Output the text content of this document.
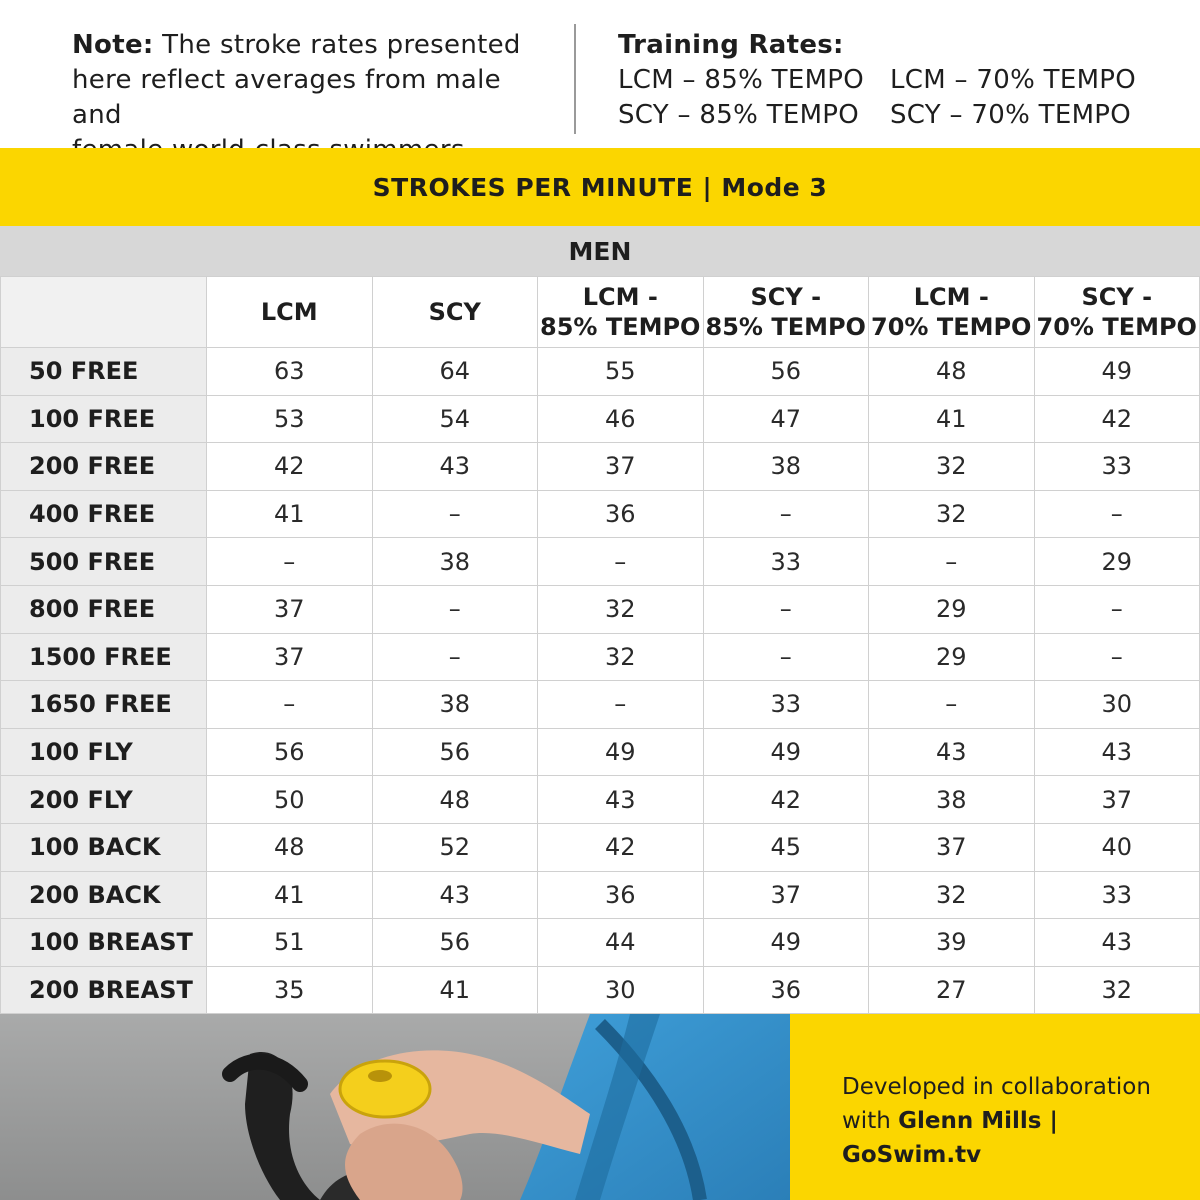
Note: The stroke rates presented
here reflect averages from male and

Training Rates:
LCM – 85% TEMPO LCM – 70% TEMPO
SCY – 85% TEMPO	SCY – 70% TEMPO
STROKES PER MINUTE | Mode 3
MEN
	LCM	SCY	LCM -
85% TEMPO	SCY -
85% TEMPO	LCM -
70% TEMPO	SCY -
70% TEMPO
50 FREE	63	64	55	56	48	49
100 FREE	53	54	46	47	41	42
200 FREE	42	43	37	38	32	33
400 FREE	41	–	36	–	32	–
500 FREE	–	38	–	33	–	29
800 FREE	37	–	32	–	29	–
1500 FREE	37	–	32	–	29	–
1650 FREE	–	38	–	33	–	30
100 FLY	56	56	49	49	43	43
200 FLY	50	48	43	42	38	37
100 BACK	48	52	42	45	37	40
200 BACK	41	43	36	37	32	33
100 BREAST	51	56	44	49	39	43
200 BREAST	35	41	30	36	27	32
Developed in collaboration
with Glenn Mills | GoSwim.tv
